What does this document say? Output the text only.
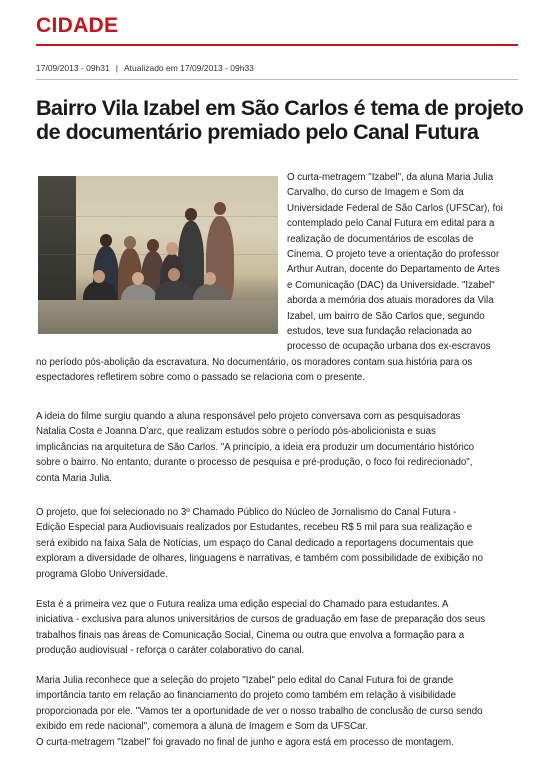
CIDADE
17/09/2013 - 09h31 | Atualizado em 17/09/2013 - 09h33
Bairro Vila Izabel em São Carlos é tema de projeto
de documentário premiado pelo Canal Futura
O curta-metragem "Izabel", da aluna Maria Julia
Carvalho, do curso de Imagem e Som da
Universidade Federal de São Carlos (UFSCar), foi
contemplado pelo Canal Futura em edital para a
realização de documentários de escolas de
Cinema. O projeto teve a orientação do professor
Arthur Autran, docente do Departamento de Artes
e Comunicação (DAC) da Universidade. "Izabel"
aborda a memória dos atuais moradores da Vila
Izabel, um bairro de São Carlos que, segundo
estudos, teve sua fundação relacionada ao
processo de ocupação urbana dos ex-escravos
no período pós-abolição da escravatura. No documentário, os moradores contam sua história para os
espectadores refletirem sobre como o passado se relaciona com o presente.
A ideia do filme surgiu quando a aluna responsável pelo projeto conversava com as pesquisadoras
Natalia Costa e Joanna D'arc, que realizam estudos sobre o período pós-abolicionista e suas
implicâncias na arquitetura de São Carlos. "A princípio, a ideia era produzir um documentário histórico
sobre o bairro. No entanto, durante o processo de pesquisa e pré-produção, o foco foi redirecionado",
conta Maria Julia.
O projeto, que foi selecionado no 3º Chamado Público do Núcleo de Jornalismo do Canal Futura -
Edição Especial para Audiovisuais realizados por Estudantes, recebeu R$ 5 mil para sua realização e
será exibido na faixa Sala de Notícias, um espaço do Canal dedicado a reportagens documentais que
exploram a diversidade de olhares, linguagens e narrativas, e também com possibilidade de exibição no
programa Globo Universidade.
Esta é a primeira vez que o Futura realiza uma edição especial do Chamado para estudantes. A
iniciativa - exclusiva para alunos universitários de cursos de graduação em fase de preparação dos seus
trabalhos finais nas áreas de Comunicação Social, Cinema ou outra que envolva a formação para a
produção audiovisual - reforça o caráter colaborativo do canal.
Maria Julia reconhece que a seleção do projeto "Izabel" pelo edital do Canal Futura foi de grande
importância tanto em relação ao financiamento do projeto como também em relação à visibilidade
proporcionada por ele. "Vamos ter a oportunidade de ver o nosso trabalho de conclusão de curso sendo
exibido em rede nacional", comemora a aluna de Imagem e Som da UFSCar.
O curta-metragem "Izabel" foi gravado no final de junho e agora está em processo de montagem.
